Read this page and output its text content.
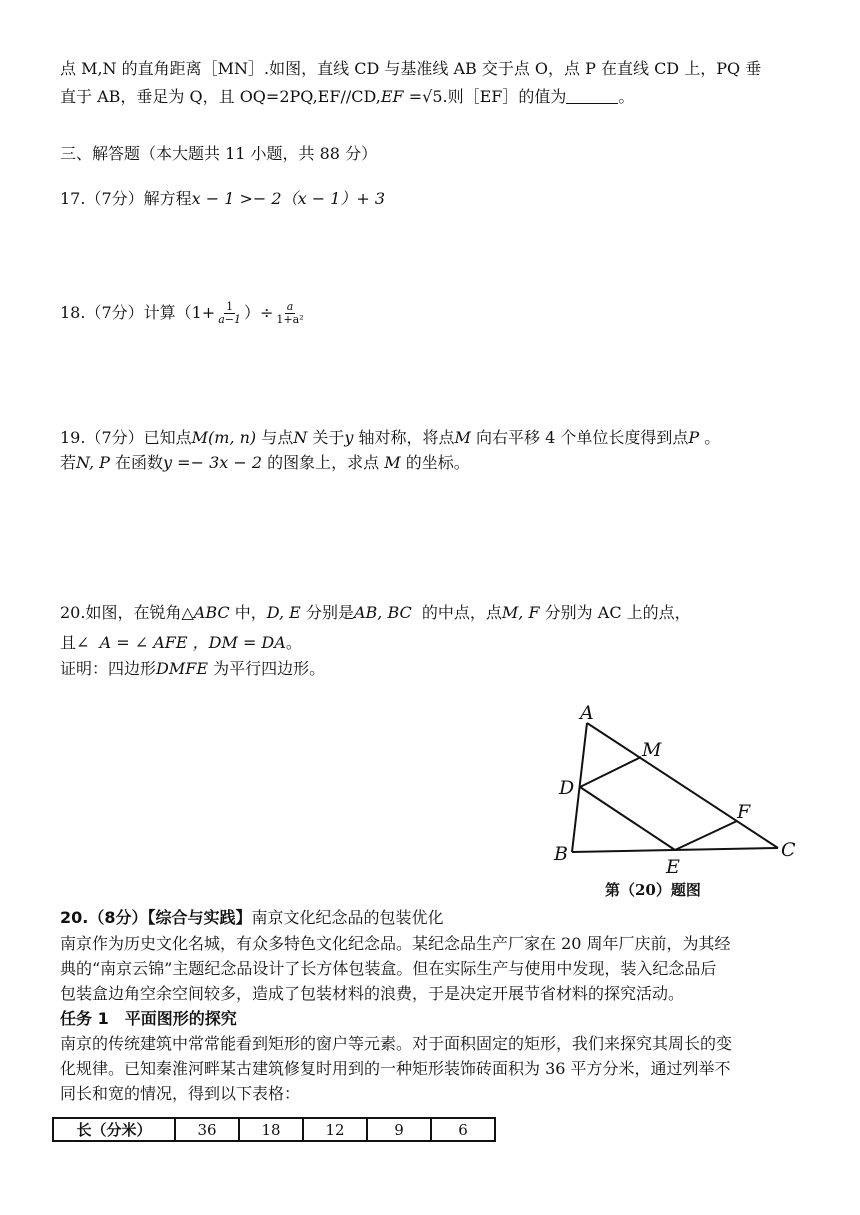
点 M,N 的直角距离［MN］.如图，直线 CD 与基准线 AB 交于点 O，点 P 在直线 CD 上，PQ 垂
直于 AB，垂足为 Q，且 OQ=2PQ,EF//CD,EF =√5.则［EF］的值为	。
三、解答题（本大题共 11 小题，共 88 分）
17.（7分）解方程x − 1 >− 2（x − 1）+ 3
18.（7分）计算（$1+ \frac{1}{a-1}$ ）÷ $\frac{a}{\text{1+a²}}$
19.（7分）已知点M(m, n) 与点N 关于y 轴对称，将点M 向右平移 4 个单位长度得到点P 。
若N, P 在函数y =− 3x − 2 的图象上，求点 M 的坐标。
20.如图，在锐角△ABC 中，D, E 分别是AB, BC 的中点，点M, F 分别为 AC 上的点，
且∠ A = ∠ AFE ，DM = DA。
证明：四边形DMFE 为平行四边形。
A
M
D
F
B
E
C
第（20）题图
20.（8分）【综合与实践】南京文化纪念品的包装优化
南京作为历史文化名城，有众多特色文化纪念品。某纪念品生产厂家在 20 周年厂庆前，为其经
典的“南京云锦”主题纪念品设计了长方体包装盒。但在实际生产与使用中发现，装入纪念品后
包装盒边角空余空间较多，造成了包装材料的浪费，于是决定开展节省材料的探究活动。
任务 1　平面图形的探究
南京的传统建筑中常常能看到矩形的窗户等元素。对于面积固定的矩形，我们来探究其周长的变
化规律。已知秦淮河畔某古建筑修复时用到的一种矩形装饰砖面积为 36 平方分米，通过列举不
同长和宽的情况，得到以下表格：
长（分米）	36	18	12	9	6
